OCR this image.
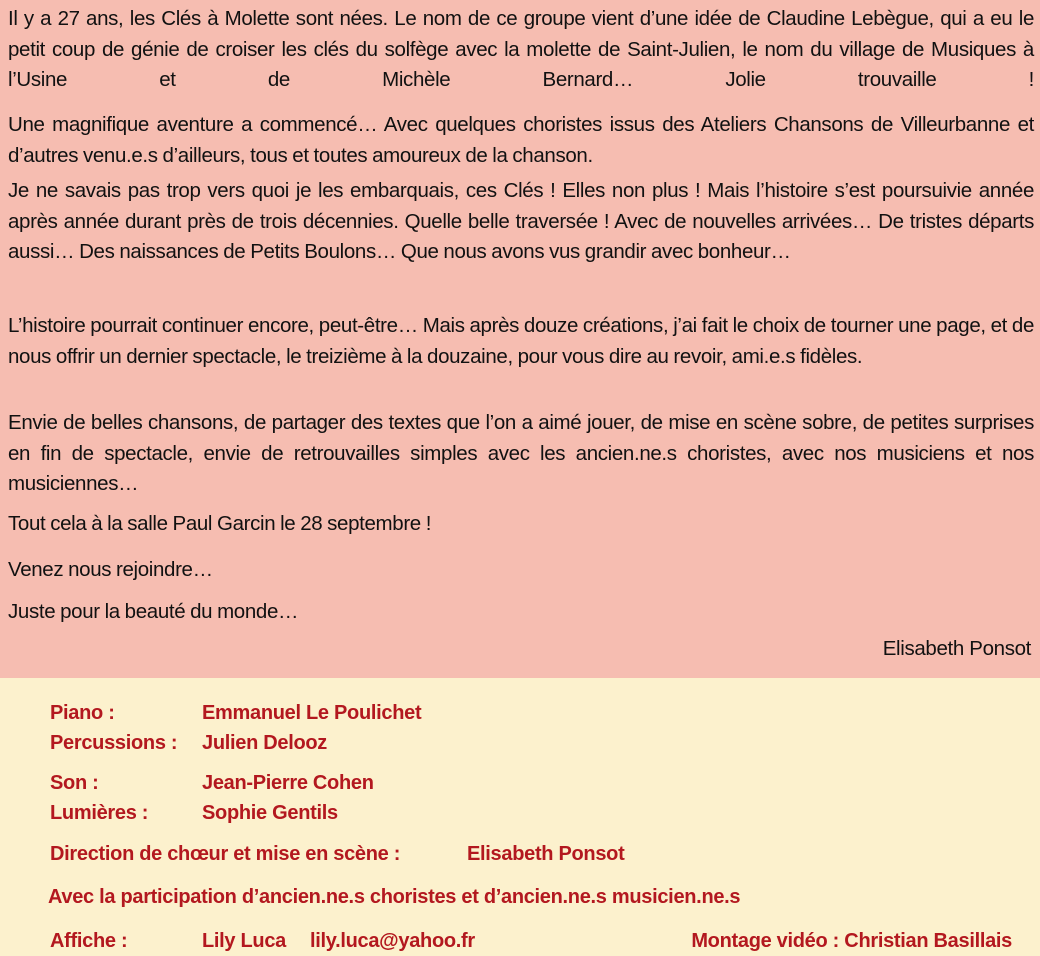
Il y a 27 ans, les Clés à Molette sont nées. Le nom de ce groupe vient d’une idée de Claudine Lebègue, qui a eu le petit coup de génie de croiser les clés du solfège avec la molette de Saint-Julien, le nom du village de Musiques à l’Usine et de Michèle Bernard… Jolie trouvaille !
Une magnifique aventure a commencé… Avec quelques choristes issus des Ateliers Chansons de Villeurbanne et d’autres venu.e.s d’ailleurs, tous et toutes amoureux de la chanson.
Je ne savais pas trop vers quoi je les embarquais, ces Clés ! Elles non plus ! Mais l’histoire s’est poursuivie année après année durant près de trois décennies. Quelle belle traversée ! Avec de nouvelles arrivées… De tristes départs aussi… Des naissances de Petits Boulons… Que nous avons vus grandir avec bonheur…
L’histoire pourrait continuer encore, peut-être… Mais après douze créations, j’ai fait le choix de tourner une page, et de nous offrir un dernier spectacle, le treizième à la douzaine, pour vous dire au revoir, ami.e.s fidèles.
Envie de belles chansons, de partager des textes que l’on a aimé jouer, de mise en scène sobre, de petites surprises en fin de spectacle, envie de retrouvailles simples avec les ancien.ne.s choristes, avec nos musiciens et nos musiciennes…
Tout cela à la salle Paul Garcin le 28 septembre !
Venez nous rejoindre…
Juste pour la beauté du monde…
Elisabeth Ponsot
Piano :	Emmanuel Le Poulichet
Percussions : Julien Delooz
Son :	Jean-Pierre Cohen
Lumières :	Sophie Gentils
Direction de chœur et mise en scène :	Elisabeth Ponsot
Avec la participation d’ancien.ne.s choristes et d’ancien.ne.s musicien.ne.s
Affiche :	Lily Luca lily.luca@yahoo.fr	Montage vidéo : Christian Basillais
